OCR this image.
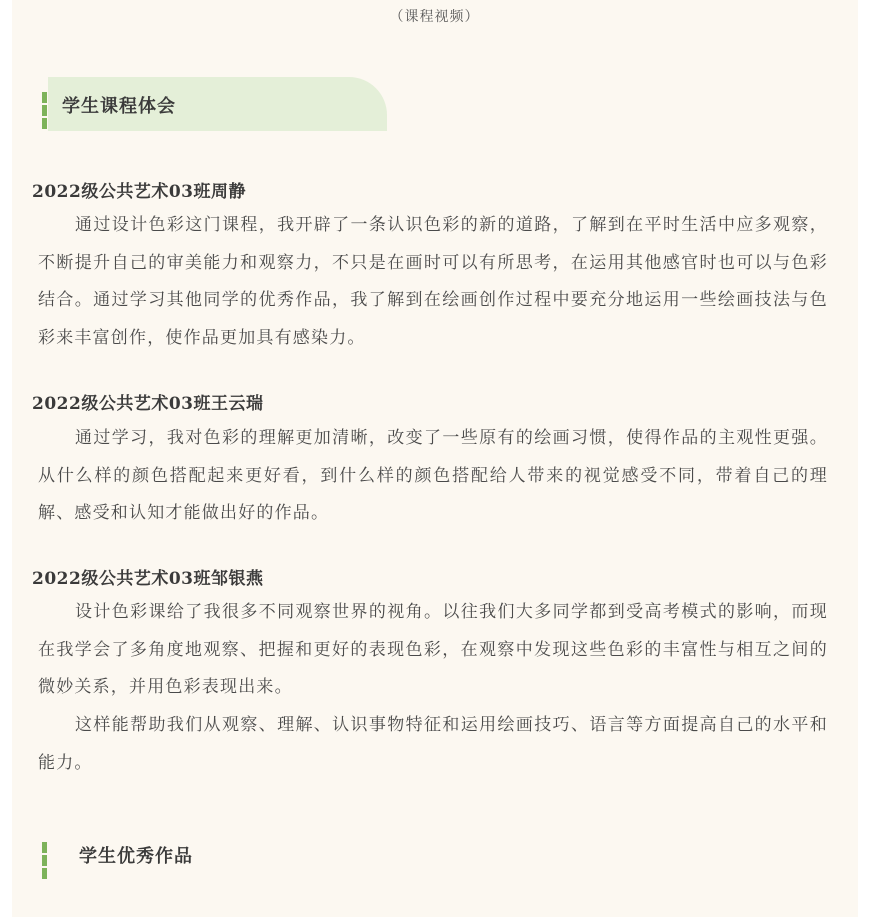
（课程视频）
学生课程体会
2022级公共艺术03班周静

通过设计色彩这门课程，我开辟了一条认识色彩的新的道路，了解到在平时生活中应多观察，不断提升自己的审美能力和观察力，不只是在画时可以有所思考，在运用其他感官时也可以与色彩结合。通过学习其他同学的优秀作品，我了解到在绘画创作过程中要充分地运用一些绘画技法与色彩来丰富创作，使作品更加具有感染力。

2022级公共艺术03班王云瑞

通过学习，我对色彩的理解更加清晰，改变了一些原有的绘画习惯，使得作品的主观性更强。从什么样的颜色搭配起来更好看，到什么样的颜色搭配给人带来的视觉感受不同，带着自己的理解、感受和认知才能做出好的作品。

2022级公共艺术03班邹银燕

设计色彩课给了我很多不同观察世界的视角。以往我们大多同学都到受高考模式的影响，而现在我学会了多角度地观察、把握和更好的表现色彩，在观察中发现这些色彩的丰富性与相互之间的微妙关系，并用色彩表现出来。

这样能帮助我们从观察、理解、认识事物特征和运用绘画技巧、语言等方面提高自己的水平和能力。

学生优秀作品
